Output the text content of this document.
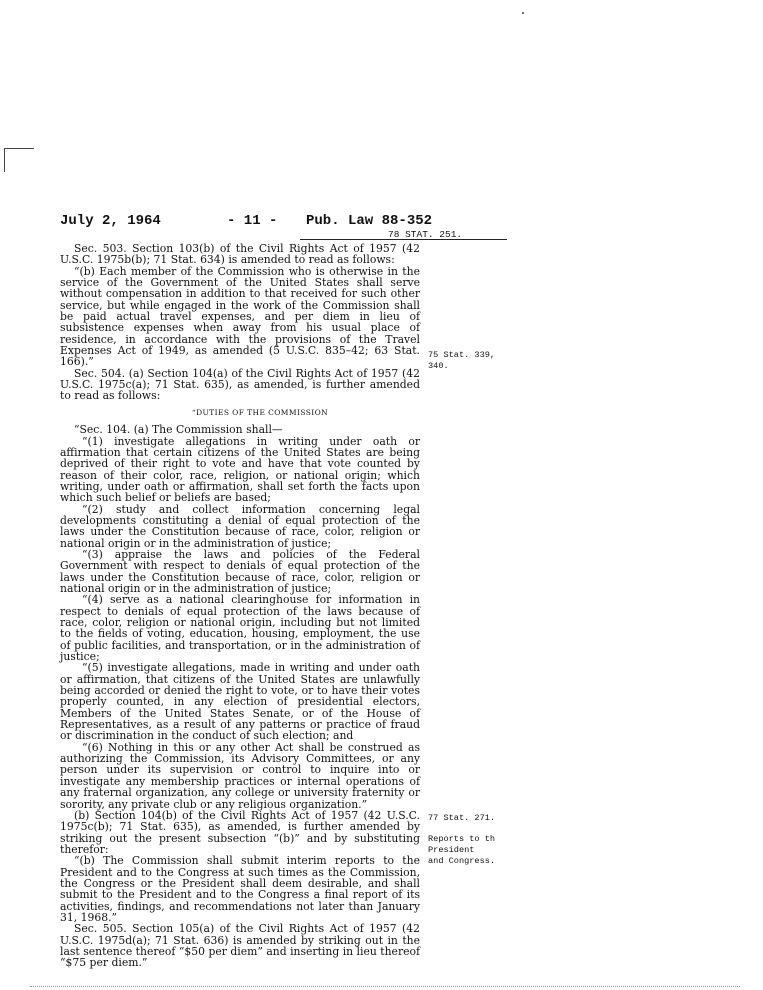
July 2, 1964	- 11 - Pub. Law 88-352
78 STAT. 251.
75 Stat. 339,
340.
77 Stat. 271.
Reports to th
President
and Congress.

Sec. 503. Section 103(b) of the Civil Rights Act of 1957 (42 U.S.C. 1975b(b); 71 Stat. 634) is amended to read as follows:

“(b) Each member of the Commission who is otherwise in the service of the Government of the United States shall serve without compensation in addition to that received for such other service, but while engaged in the work of the Commission shall be paid actual travel expenses, and per diem in lieu of subsistence expenses when away from his usual place of residence, in accordance with the provisions of the Travel Expenses Act of 1949, as amended (5 U.S.C. 835–42; 63 Stat. 166).”

Sec. 504. (a) Section 104(a) of the Civil Rights Act of 1957 (42 U.S.C. 1975c(a); 71 Stat. 635), as amended, is further amended to read as follows:

“DUTIES OF THE COMMISSION

“Sec. 104. (a) The Commission shall—

“(1) investigate allegations in writing under oath or affirmation that certain citizens of the United States are being deprived of their right to vote and have that vote counted by reason of their color, race, religion, or national origin; which writing, under oath or affirmation, shall set forth the facts upon which such belief or beliefs are based;

“(2) study and collect information concerning legal developments constituting a denial of equal protection of the laws under the Constitution because of race, color, religion or national origin or in the administration of justice;

“(3) appraise the laws and policies of the Federal Government with respect to denials of equal protection of the laws under the Constitution because of race, color, religion or national origin or in the administration of justice;

“(4) serve as a national clearinghouse for information in respect to denials of equal protection of the laws because of race, color, religion or national origin, including but not limited to the fields of voting, education, housing, employment, the use of public facilities, and transportation, or in the administration of justice;

“(5) investigate allegations, made in writing and under oath or affirmation, that citizens of the United States are unlawfully being accorded or denied the right to vote, or to have their votes properly counted, in any election of presidential electors, Members of the United States Senate, or of the House of Representatives, as a result of any patterns or practice of fraud or discrimination in the conduct of such election; and

“(6) Nothing in this or any other Act shall be construed as authorizing the Commission, its Advisory Committees, or any person under its supervision or control to inquire into or investigate any membership practices or internal operations of any fraternal organization, any college or university fraternity or sorority, any private club or any religious organization.”

(b) Section 104(b) of the Civil Rights Act of 1957 (42 U.S.C. 1975c(b); 71 Stat. 635), as amended, is further amended by striking out the present subsection “(b)” and by substituting therefor:

“(b) The Commission shall submit interim reports to the President and to the Congress at such times as the Commission, the Congress or the President shall deem desirable, and shall submit to the President and to the Congress a final report of its activities, findings, and recommendations not later than January 31, 1968.”

Sec. 505. Section 105(a) of the Civil Rights Act of 1957 (42 U.S.C. 1975d(a); 71 Stat. 636) is amended by striking out in the last sentence thereof “$50 per diem” and inserting in lieu thereof “$75 per diem.”
